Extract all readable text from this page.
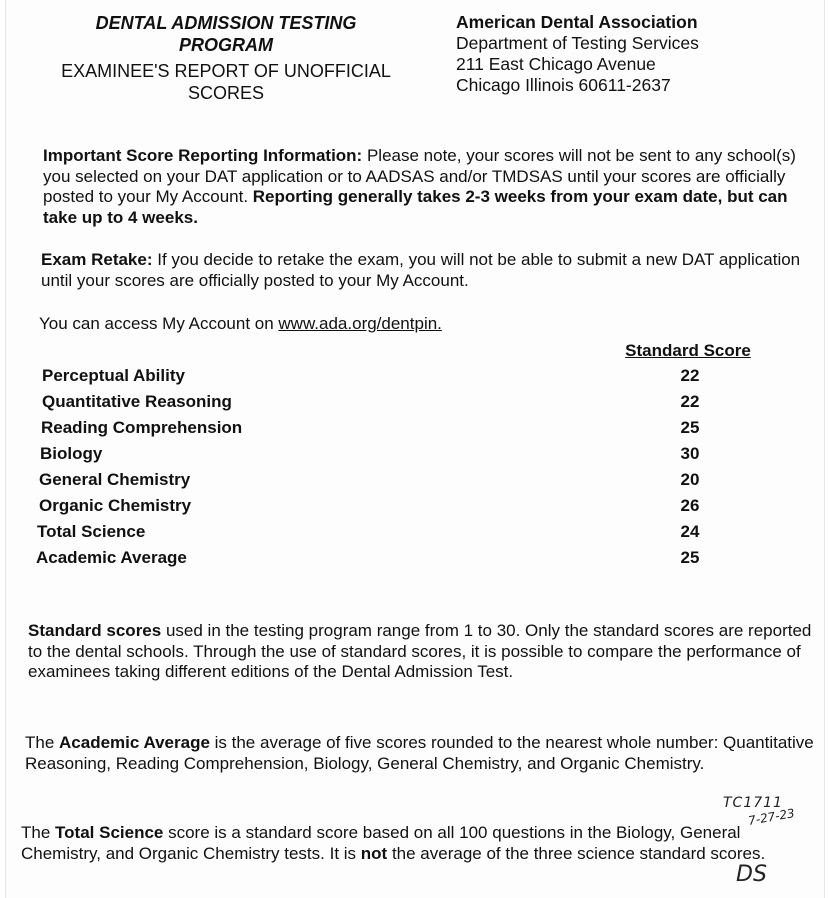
DENTAL ADMISSION TESTING
PROGRAM
EXAMINEE'S REPORT OF UNOFFICIAL
SCORES
American Dental Association
Department of Testing Services
211 East Chicago Avenue
Chicago Illinois 60611-2637
Important Score Reporting Information: Please note, your scores will not be sent to any school(s) you selected on your DAT application or to AADSAS and/or TMDSAS until your scores are officially posted to your My Account. Reporting generally takes 2-3 weeks from your exam date, but can take up to 4 weeks.
Exam Retake: If you decide to retake the exam, you will not be able to submit a new DAT application until your scores are officially posted to your My Account.
You can access My Account on www.ada.org/dentpin.
Standard Score
Perceptual Ability	22
Quantitative Reasoning	22
Reading Comprehension	25
Biology	30
General Chemistry	20
Organic Chemistry	26
Total Science	24
Academic Average	25
Standard scores used in the testing program range from 1 to 30. Only the standard scores are reported to the dental schools. Through the use of standard scores, it is possible to compare the performance of examinees taking different editions of the Dental Admission Test.
The Academic Average is the average of five scores rounded to the nearest whole number: Quantitative Reasoning, Reading Comprehension, Biology, General Chemistry, and Organic Chemistry.
The Total Science score is a standard score based on all 100 questions in the Biology, General Chemistry, and Organic Chemistry tests. It is not the average of the three science standard scores.
TC1711
7-27-23
DS
